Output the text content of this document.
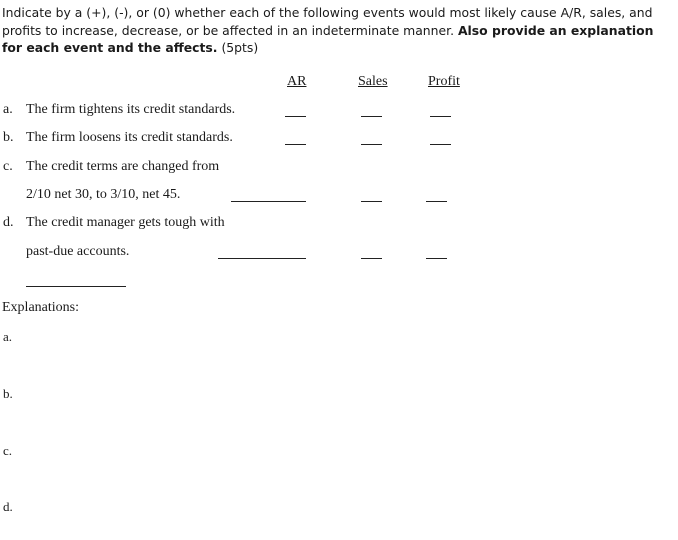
Indicate by a (+), (-), or (0) whether each of the following events would most likely cause A/R, sales, and profits to increase, decrease, or be affected in an indeterminate manner. Also provide an explanation for each event and the affects. (5pts)

AR	Sales	Profit
a. The firm tightens its credit standards.
b. The firm loosens its credit standards.
c. The credit terms are changed from
2/10 net 30, to 3/10, net 45.
d. The credit manager gets tough with
past-due accounts.
Explanations:
a.
b.
c.
d.
